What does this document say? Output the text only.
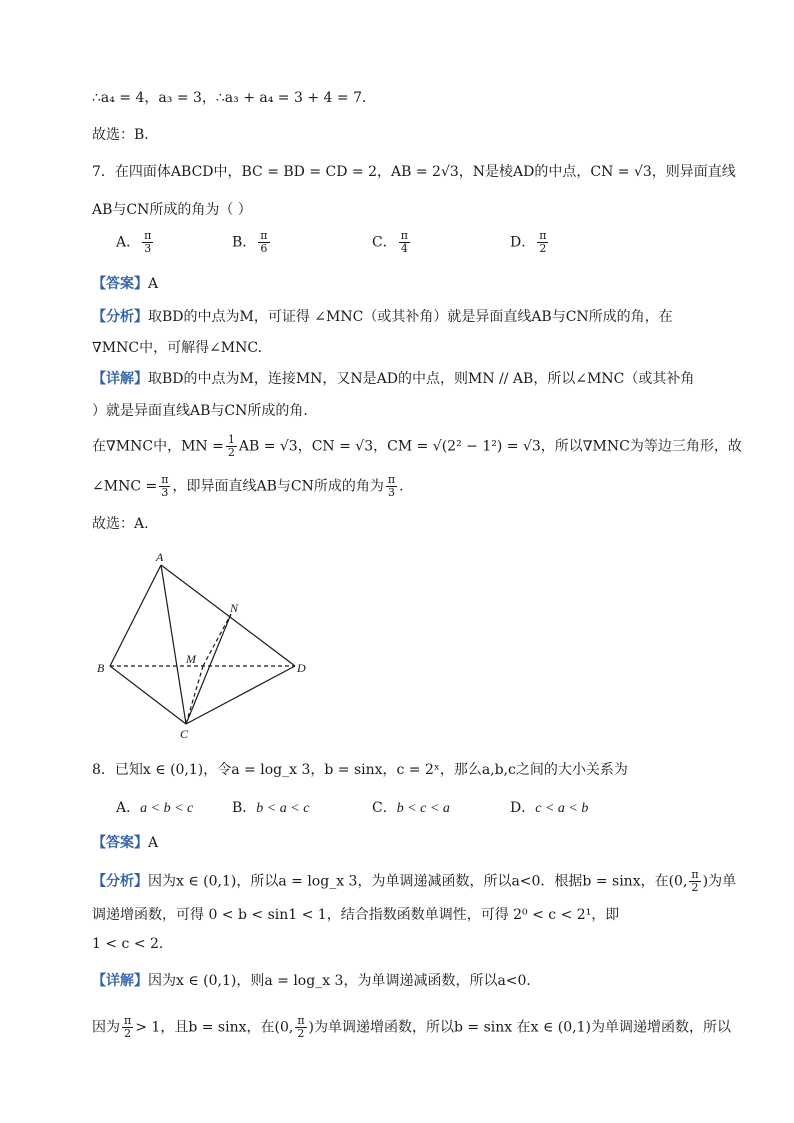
∴a₄ = 4，a₃ = 3，∴a₃ + a₄ = 3 + 4 = 7．
故选：B．
7．在四面体ABCD中，BC = BD = CD = 2，AB = 2√3，N是棱AD的中点，CN = √3，则异面直线
AB与CN所成的角为（ ）
A． $\frac{\pi}{3}$	B． $\frac{\pi}{6}$	C． $\frac{\pi}{4}$	D． $\frac{\pi}{2}$
【答案】A
【分析】取BD的中点为M，可证得 ∠MNC（或其补角）就是异面直线AB与CN所成的角，在
∇MNC中，可解得∠MNC.
【详解】取BD的中点为M，连接MN，又N是AD的中点，则MN // AB，所以∠MNC（或其补角
）就是异面直线AB与CN所成的角.
在∇MNC中，MN = $\frac{1}{2}$ AB = √3，CN = √3，CM = √(2² − 1²) = √3，所以∇MNC为等边三角形，故
∠MNC = $\frac{\pi}{3}$ ，即异面直线AB与CN所成的角为 $\frac{\pi}{3}$ .
故选：A.
A
B
C
D
M
N
8．已知x ∈ (0,1)，令a = log_x 3，b = sinx，c = 2ˣ，那么a,b,c之间的大小关系为
A．a < b < c	B．b < a < c	C．b < c < a	D．c < a < b
【答案】A
【分析】因为x ∈ (0,1)，所以a = log_x 3，为单调递减函数，所以a<0．根据b = sinx，在(0, $\frac{\pi}{2}$ )为单
调递增函数，可得 0 < b < sin1 < 1，结合指数函数单调性，可得 2⁰ < c < 2¹，即
1 < c < 2．
【详解】因为x ∈ (0,1)，则a = log_x 3，为单调递减函数，所以a<0．
因为 $\frac{\pi}{2} > 1$，且b = sinx，在(0, $\frac{\pi}{2}$ )为单调递增函数，所以b = sinx 在x ∈ (0,1)为单调递增函数，所以
